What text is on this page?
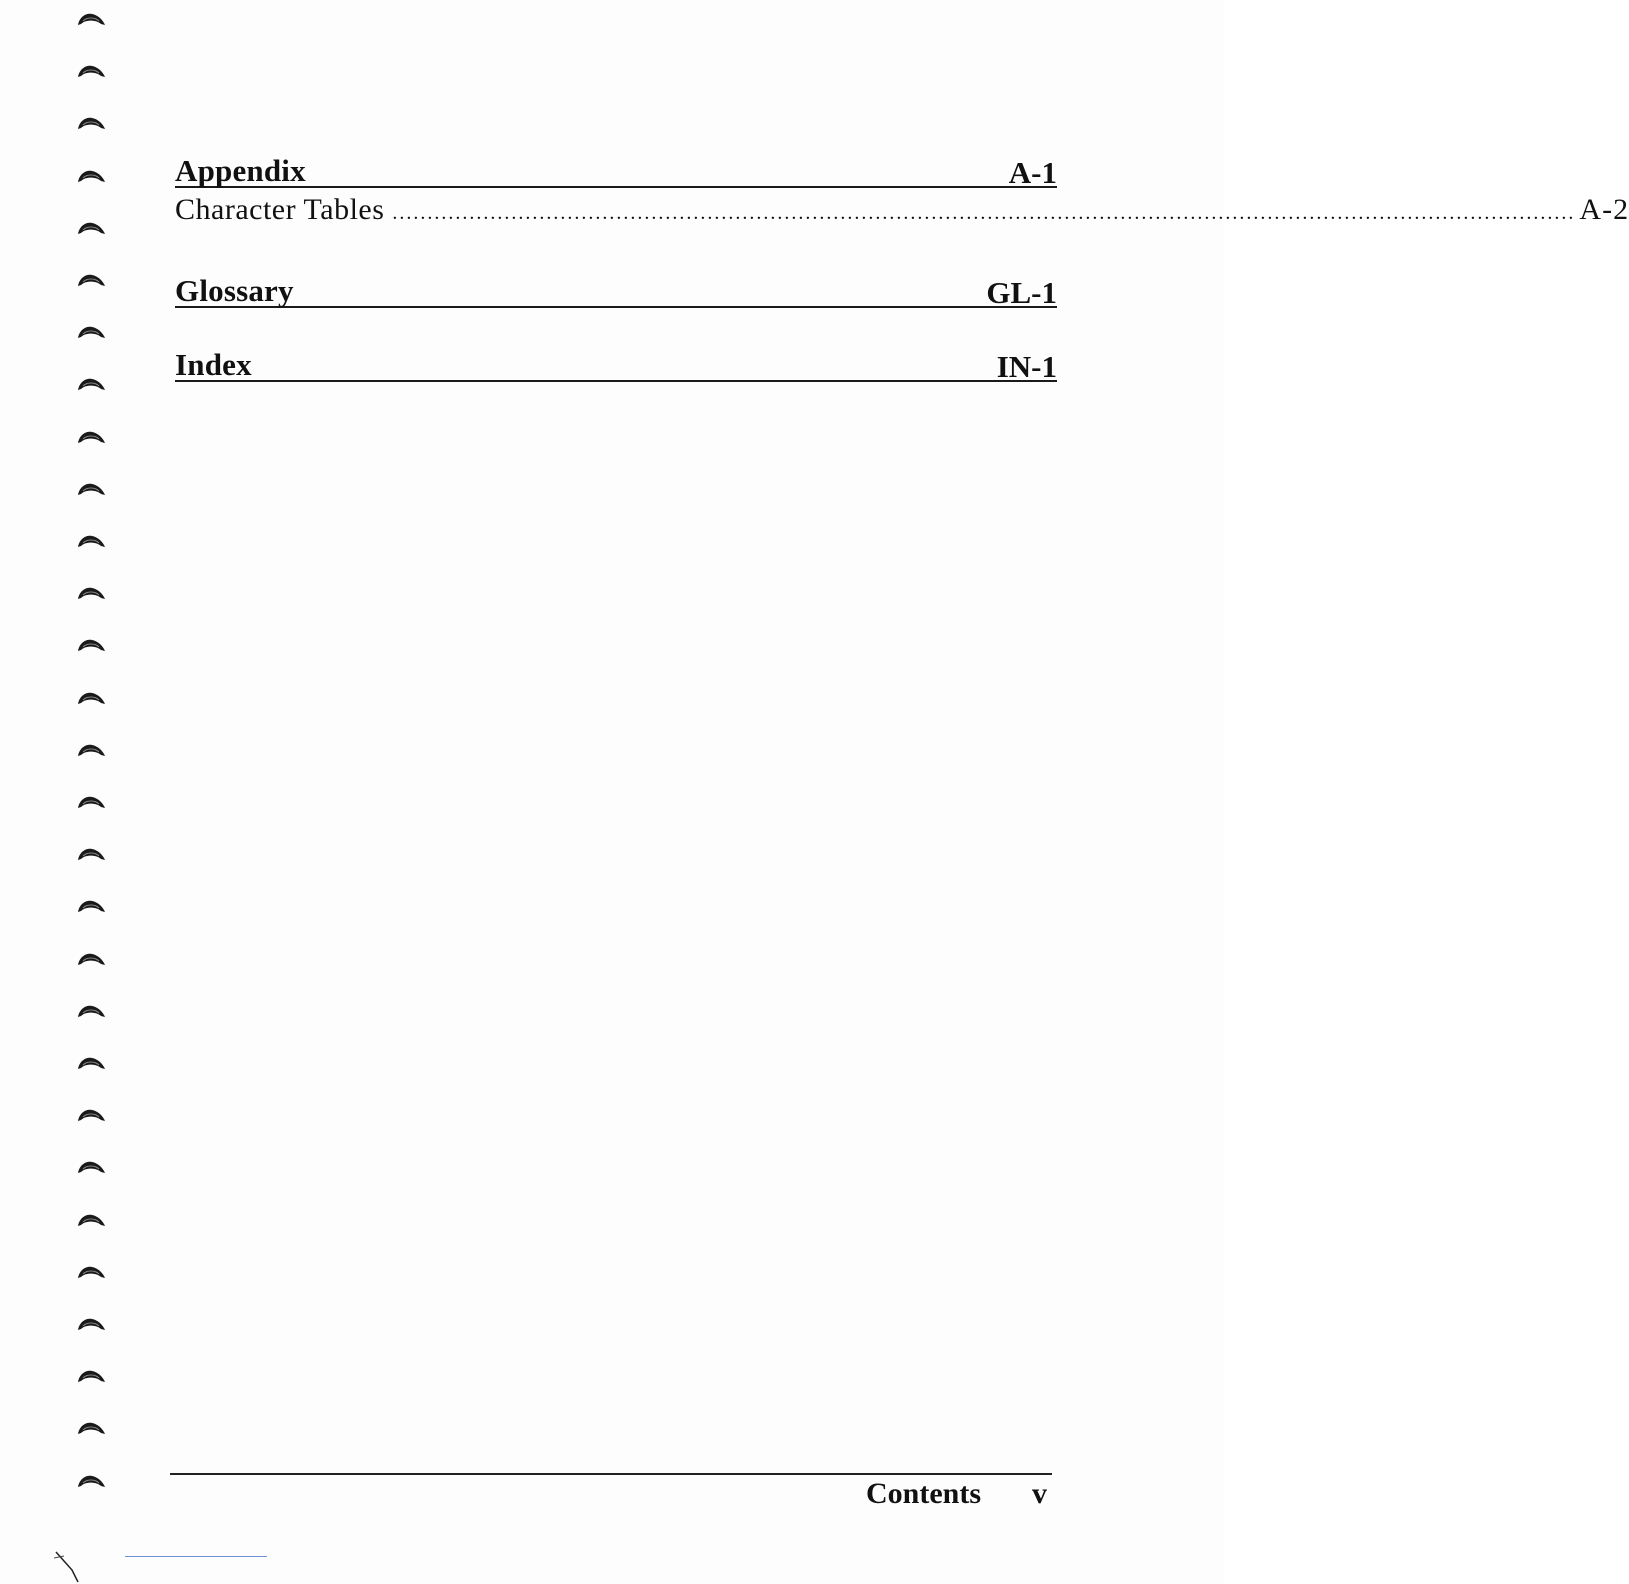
Appendix	A-1
Character Tables ......................................................................................................................................................................... A-2
Glossary	GL-1
Index	IN-1
Contents v
